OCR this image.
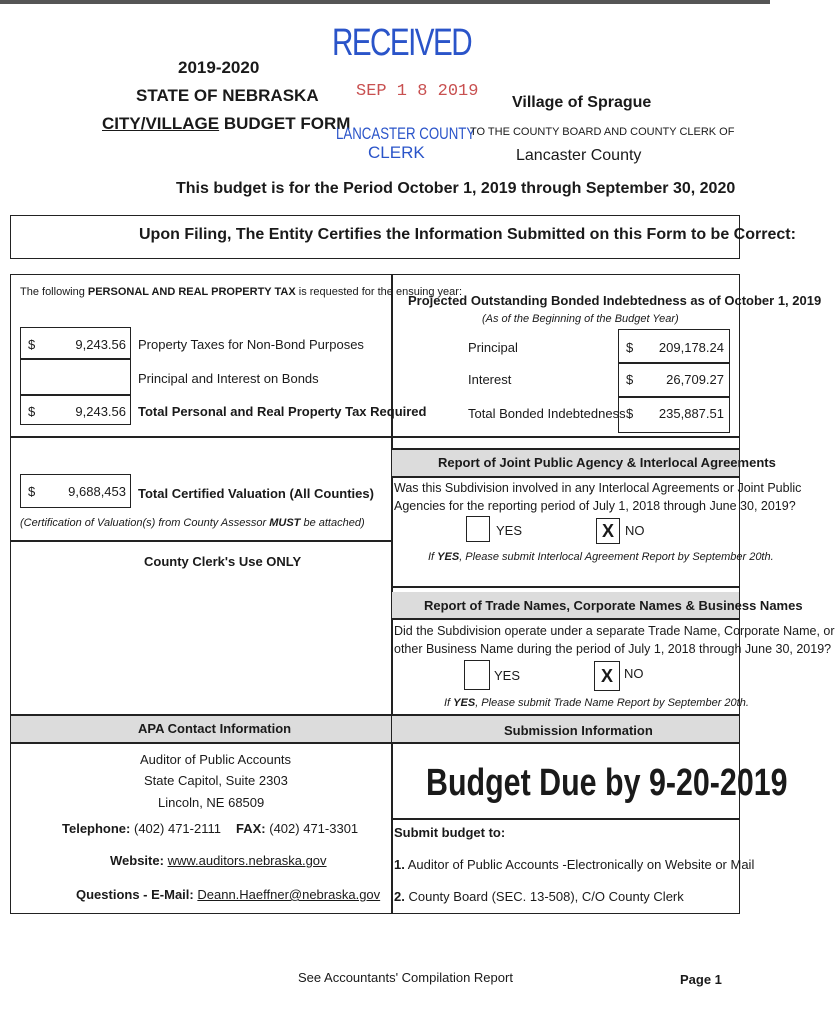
2019-2020
STATE OF NEBRASKA
CITY/VILLAGE BUDGET FORM
RECEIVED
SEP 1 8 2019
LANCASTER COUNTY
CLERK
Village of Sprague
TO THE COUNTY BOARD AND COUNTY CLERK OF
Lancaster County
This budget is for the Period October 1, 2019 through September 30, 2020
Upon Filing, The Entity Certifies the Information Submitted on this Form to be Correct:
The following PERSONAL AND REAL PROPERTY TAX is requested for the ensuing year:
$	9,243.56 Property Taxes for Non-Bond Purposes
Principal and Interest on Bonds
$	9,243.56 Total Personal and Real Property Tax Required
Projected Outstanding Bonded Indebtedness as of October 1, 2019
(As of the Beginning of the Budget Year)
Principal	$	209,178.24
Interest	$	26,709.27
Total Bonded Indebtedness $	235,887.51
$	9,688,453 Total Certified Valuation (All Counties)
(Certification of Valuation(s) from County Assessor MUST be attached)
County Clerk's Use ONLY
Report of Joint Public Agency & Interlocal Agreements
Was this Subdivision involved in any Interlocal Agreements or Joint Public
Agencies for the reporting period of July 1, 2018 through June 30, 2019?
YES	X NO
If YES, Please submit Interlocal Agreement Report by September 20th.
Report of Trade Names, Corporate Names & Business Names
Did the Subdivision operate under a separate Trade Name, Corporate Name, or
other Business Name during the period of July 1, 2018 through June 30, 2019?
YES	X NO
If YES, Please submit Trade Name Report by September 20th.
APA Contact Information	Submission Information
Auditor of Public Accounts
State Capitol, Suite 2303
Lincoln, NE 68509
Telephone: (402) 471-2111 FAX: (402) 471-3301
Website: www.auditors.nebraska.gov
Questions - E-Mail: Deann.Haeffner@nebraska.gov
Budget Due by 9-20-2019
Submit budget to:
1. Auditor of Public Accounts -Electronically on Website or Mail
2. County Board (SEC. 13-508), C/O County Clerk
See Accountants' Compilation Report	Page 1
